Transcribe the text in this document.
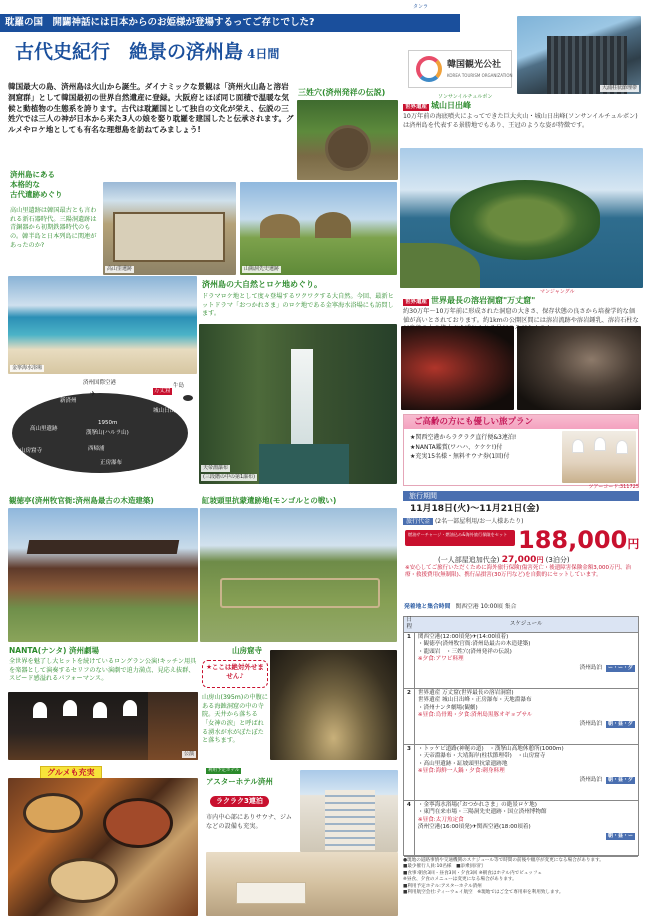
タンラ
耽羅の国　開闢神話には日本からのお姫様が登場するってご存じでした?
古代史紀行　絶景の済州島 4日間
韓国観光公社
KOREA TOURISM ORGANIZATION
大浦柱状節理帯
韓国最大の島、済州島は火山から誕生。ダイナミックな景観は「済州火山島と溶岩洞窟群」として韓国最初の世界自然遺産に登録。大阪府とほぼ同じ面積で温暖な気候と動植物の生態系を誇ります。古代は耽羅国として独自の文化が栄え、伝説の三姓穴では三人の神が日本から来た3人の娘を娶り耽羅を建国したと伝承されます。グルメやロケ地としても有名な理想島を訪ねてみましょう!
三姓穴(済州発祥の伝説)	ソンサンイルチュルボン
世界遺産 城山日出峰
10万年前の海底噴火によってできた巨大火山・城山日出峰(ソンサンイルチュルボン)は済州島を代表する景勝地でもあり、王冠のような姿が特徴です。
済州島にある
本格的な
古代遺跡めぐり
高山里遺跡は韓国最古とも言われる新石器時代。三陽洞遺跡は青銅器から初期鉄器時代のもの。韓半島と日本列島に関連があったのか?
高山里遺跡	山陽洞先史遺跡
金寧海水浴場
済州島の大自然とロケ地めぐり。
ドラマロケ地として度々登場するワクワクする大自然。今回、最新ヒットドラマ「おつかれさま」のロケ地である金寧海水浴場にも訪問します。
天帝淵瀑布
(三段階の中の第1瀑布)
済州国際空港
✈
済州市
新済州
万丈窟
牛島
城山日出峰
1950m
漢拏山(ハルラ山)
高山里遺跡
山房窟寺	西帰浦
正房瀑布
マンジャングル
世界遺産 世界最長の溶岩洞窟"万丈窟"
約30万年〜10万年前に形成された洞窟の大きさ、保存状態の良さから培養学的な価値が高いとされております。約1kmの公開区間には溶岩流跡や溶岩鍾乳、溶岩石柱な
ご高齢の方にも優しい旅プラン
★関西空港からラクラク直行便&3連泊!
★NANTA鑑賞(ワハハ、ケケケ!)付
★充実15名様・無料サウナ券(1回)付
ツアーコード:311725
旅行期間
11月18日(火)〜11月21日(金)
旅行代金 (2名一部屋利用/お一人様あたり)
燃油サーチャージ・燃油込み&海外旅行保険をセット 188,000円
(一人部屋追加代金) 27,000円 (3泊分)
※安心してご旅行いただくために海外旅行保険(傷害死亡・後遺障害保険金額3,000万円、治療・救援費用(無制限)、携行品損害(30万円など)を自動的にセットしています。
発着地と集合時間 関西空港 10:00頃 集合
日程	スケジュール
1	関西空港(12:00頃発)✈(14:00頃着)
・観徳亭(済州牧官衙:済州島最古の木造建築)
・龍頭岩　・三姓穴(済州発祥の伝説)
※夕食:アワビ料理
済州島泊 ー・ー・夕

2	世界遺産 万丈窟(世界最長の溶岩洞窟)
世界遺産 城山日出峰・正房瀑布・天地淵瀑布
・済州ナンタ劇場(観劇)
※昼食:烏骨鶏・夕食:済州島黒豚オギョプサル
済州島泊 朝・昼・夕

3	・トッケビ道路(神秘の道)　・漢拏山高地休憩所(1000m)
・天帝淵瀑布・大靖海岸(柱状節理帯)　・山房窟寺
・高山里遺跡・缸坡頭里抗蒙遺跡地
※昼食:海鮮一人鍋・夕食:刺身料理
済州島泊 朝・昼・夕

4	・金寧海水浴場(「おつかれさま」の絶景ロケ地)
・東門在来市場・三陽洞先史遺跡・国立済州博物館
※昼食:太刀魚定食
済州空港(16:00頃発)✈関西空港(18:00頃着)
朝・昼・ー
●現地の道路事情や交通機関のスケジュール等で時間の前後や順序が変更になる場合があります。
■最少催行人員:10名様　■添乗員同行
■食事:朝食3回・昼食3回・夕食3回 ※朝食はホテル内でビュッフェ
※昼食、夕食のメニューは変更になる場合があります。
■利用予定ホテル:アスターホテル済州
■利用航空会社:ティーウェイ航空　※現地ではご全て専用車を利用致します。
観徳亭(済州牧官衙:済州島最古の木造建築)	缸坡頭里抗蒙遺跡地(モンゴルとの戦い)
NANTA(ナンタ) 済州劇場
全世界を魅了し大ヒットを続けているロングラン公演!キッチン用具を楽器として演奏するセリフのない演劇で迫力満点、見応え抜群、スピード感溢れるパフォーマンス。
公演
山房窟寺
★ここは絶対外せません♪
山房山(395m)の中腹にある海蝕洞窟の中の寺院。天井から落ちる「女神の涙」と呼ばれる湧水が水がぽたぽたと落ちます。
グルメも充実	利用予定ホテル
アスターホテル済州
ラクラク3連泊
市内中心部にありサウナ、ジムなどの設備も充実。
